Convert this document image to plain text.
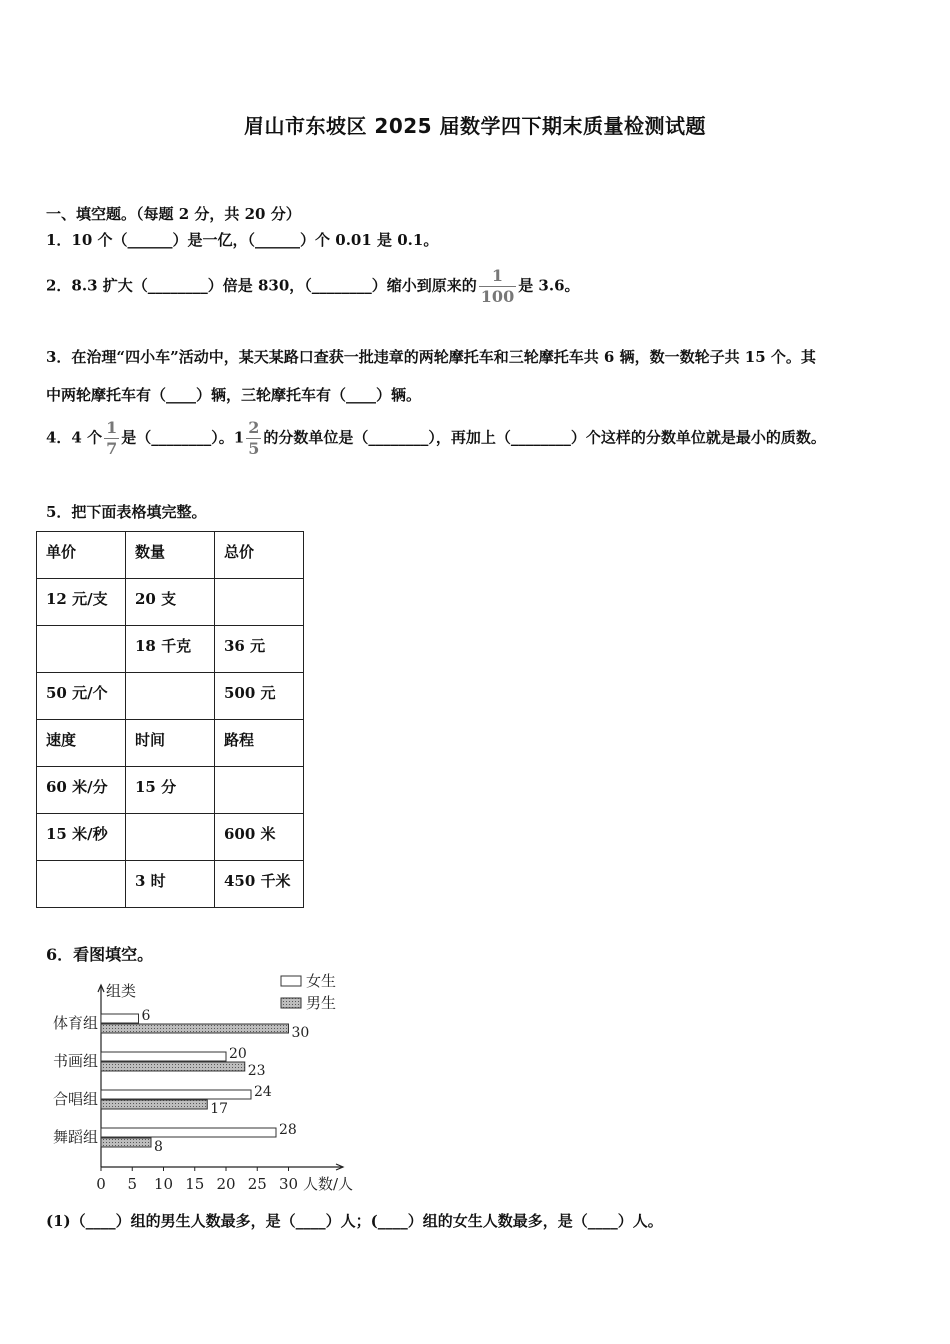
眉山市东坡区 2025 届数学四下期末质量检测试题
一、填空题。（每题 2 分，共 20 分）
1．10 个（______）是一亿，（______）个 0.01 是 0.1。
2．8.3 扩大（________）倍是 830，（________）缩小到原来的 $\frac{1}{100}$ 是 3.6。
3．在治理“四小车”活动中，某天某路口查获一批违章的两轮摩托车和三轮摩托车共 6 辆，数一数轮子共 15 个。其
中两轮摩托车有（____）辆，三轮摩托车有（____）辆。
4．4 个 $\frac{1}{7}$ 是（________）。$1 \frac{2}{5}$ 的分数单位是（________），再加上（________）个这样的分数单位就是最小的质数。
5．把下面表格填完整。
单价	数量	总价
12 元/支	20 支	
	18 千克	36 元
50 元/个		500 元
速度	时间	路程
60 米/分	15 分	
15 米/秒		600 米
	3 时	450 千米
6．看图填空。
组类
人数/人
0 5 10 15 20 25 30
女生
男生
体育组	6
30
书画组	20
23
合唱组	24
17
舞蹈组	28
8
(1)（____）组的男生人数最多，是（____）人；(____）组的女生人数最多，是（____）人。
